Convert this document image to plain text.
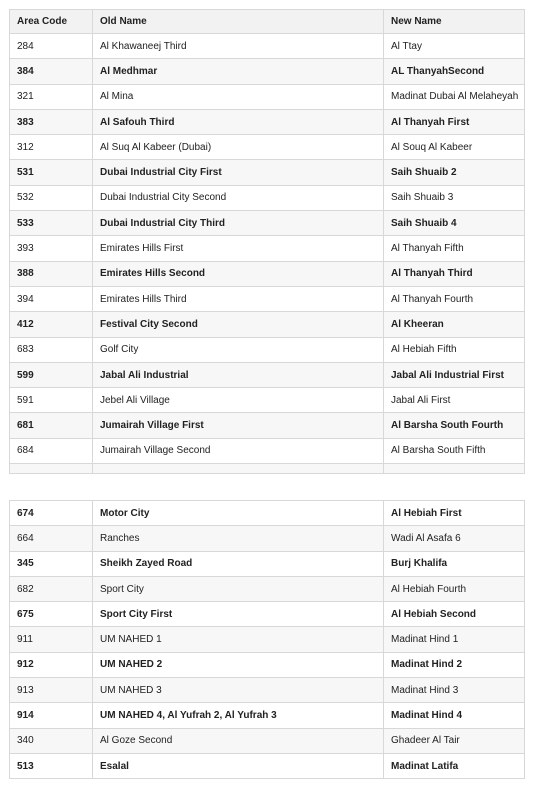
Area Code	Old Name	New Name
284	Al Khawaneej Third	Al Ttay
384	Al Medhmar	AL ThanyahSecond
321	Al Mina	Madinat Dubai Al Melaheyah
383	Al Safouh Third	Al Thanyah First
312	Al Suq Al Kabeer (Dubai)	Al Souq Al Kabeer
531	Dubai Industrial City First	Saih Shuaib 2
532	Dubai Industrial City Second	Saih Shuaib 3
533	Dubai Industrial City Third	Saih Shuaib 4
393	Emirates Hills First	Al Thanyah Fifth
388	Emirates Hills Second	Al Thanyah Third
394	Emirates Hills Third	Al Thanyah Fourth
412	Festival City Second	Al Kheeran
683	Golf City	Al Hebiah Fifth
599	Jabal Ali Industrial	Jabal Ali Industrial First
591	Jebel Ali Village	Jabal Ali First
681	Jumairah Village First	Al Barsha South Fourth
684	Jumairah Village Second	Al Barsha South Fifth

674	Motor City	Al Hebiah First
664	Ranches	Wadi Al Asafa 6
345	Sheikh Zayed Road	Burj Khalifa
682	Sport City	Al Hebiah Fourth
675	Sport City First	Al Hebiah Second
911	UM NAHED 1	Madinat Hind 1
912	UM NAHED 2	Madinat Hind 2
913	UM NAHED 3	Madinat Hind 3
914	UM NAHED 4, Al Yufrah 2, Al Yufrah 3	Madinat Hind 4
340	Al Goze Second	Ghadeer Al Tair
513	Esalal	Madinat Latifa
